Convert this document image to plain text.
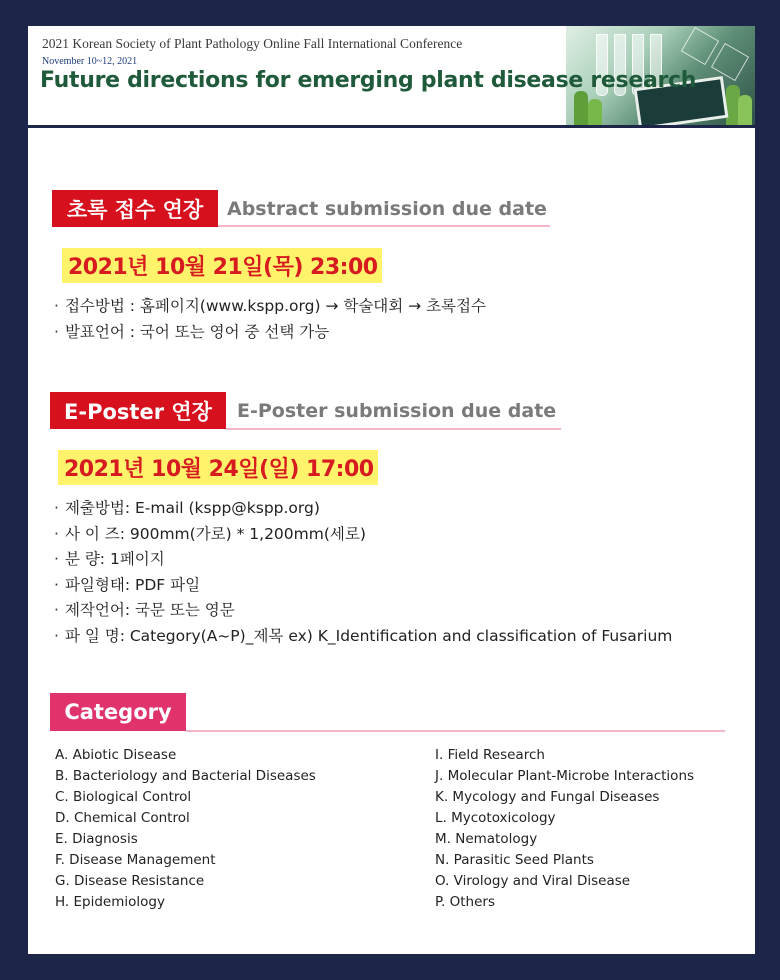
2021 Korean Society of Plant Pathology Online Fall International Conference
November 10~12, 2021
Future directions for emerging plant disease research
초록 접수 연장	Abstract submission due date
2021년 10월 21일(목) 23:00
· 접수방법 : 홈페이지(www.kspp.org) → 학술대회 → 초록접수
· 발표언어 : 국어 또는 영어 중 선택 가능
E-Poster 연장	E-Poster submission due date
2021년 10월 24일(일) 17:00
· 제출방법: E-mail (kspp@kspp.org)
· 사 이 즈: 900mm(가로) * 1,200mm(세로)
· 분 량: 1페이지
· 파일형태: PDF 파일
· 제작언어: 국문 또는 영문
· 파 일 명: Category(A~P)_제목 ex) K_Identification and classification of Fusarium
Category
A. Abiotic Disease
B. Bacteriology and Bacterial Diseases
C. Biological Control
D. Chemical Control
E. Diagnosis
F. Disease Management
G. Disease Resistance
H. Epidemiology
I. Field Research
J. Molecular Plant-Microbe Interactions
K. Mycology and Fungal Diseases
L. Mycotoxicology
M. Nematology
N. Parasitic Seed Plants
O. Virology and Viral Disease
P. Others
